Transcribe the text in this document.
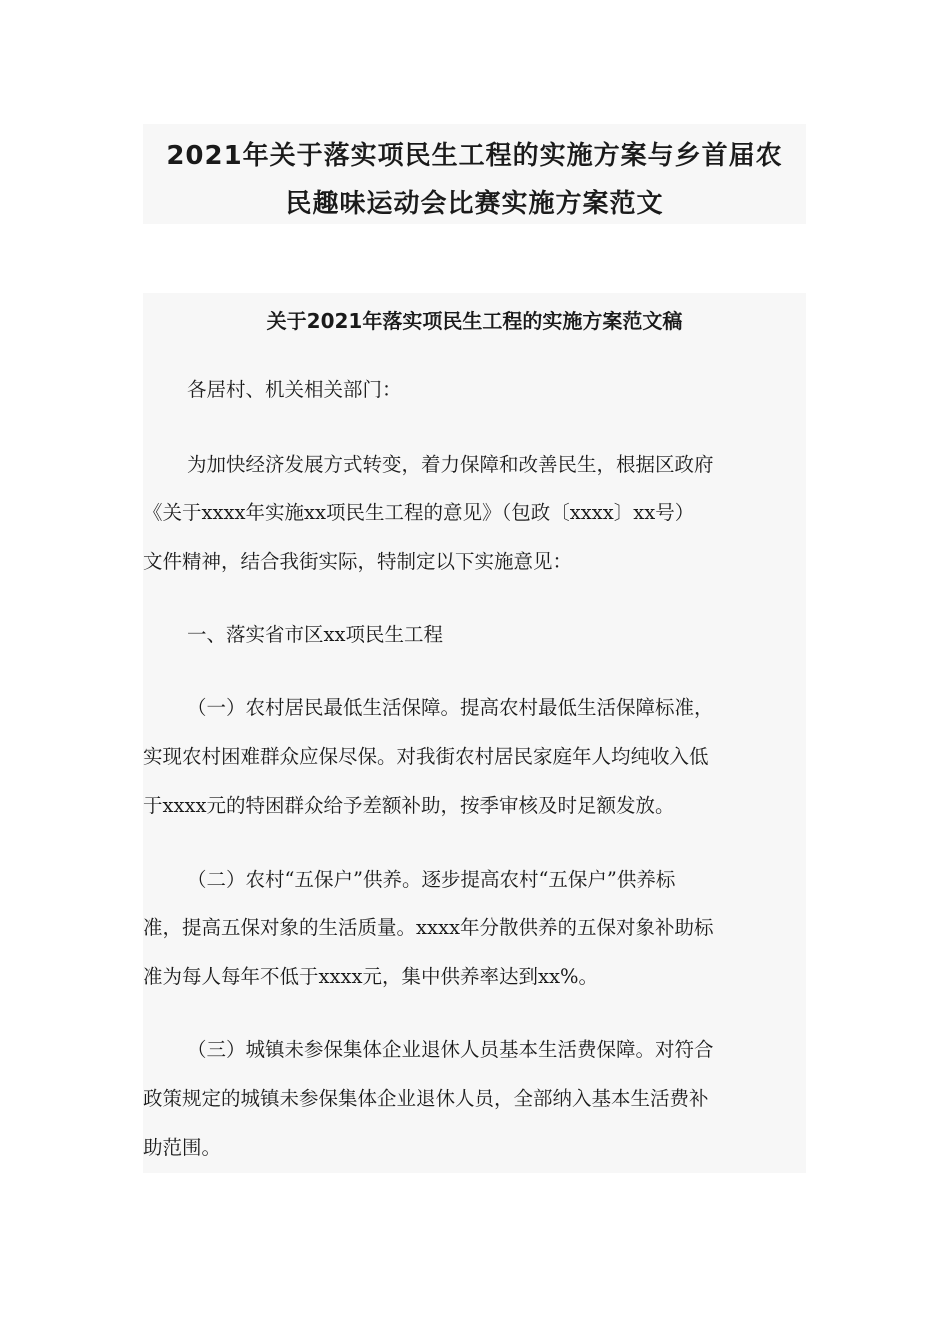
2021年关于落实项民生工程的实施方案与乡首届农
民趣味运动会比赛实施方案范文
关于2021年落实项民生工程的实施方案范文稿
各居村、机关相关部门：
为加快经济发展方式转变，着力保障和改善民生，根据区政府
《关于xxxx年实施xx项民生工程的意见》（包政〔xxxx〕xx号）
文件精神，结合我街实际，特制定以下实施意见：
一、落实省市区xx项民生工程
（一）农村居民最低生活保障。提高农村最低生活保障标准，
实现农村困难群众应保尽保。对我街农村居民家庭年人均纯收入低
于xxxx元的特困群众给予差额补助，按季审核及时足额发放。
（二）农村“五保户”供养。逐步提高农村“五保户”供养标
准，提高五保对象的生活质量。xxxx年分散供养的五保对象补助标
准为每人每年不低于xxxx元，集中供养率达到xx%。
（三）城镇未参保集体企业退休人员基本生活费保障。对符合
政策规定的城镇未参保集体企业退休人员，全部纳入基本生活费补
助范围。
